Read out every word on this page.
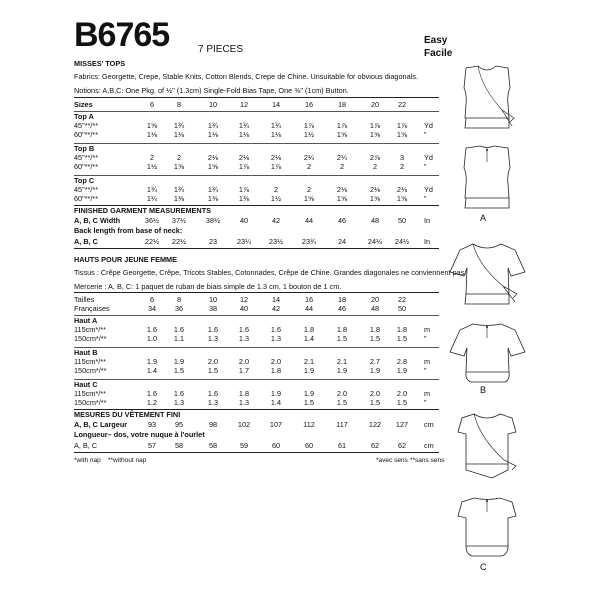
B6765	7 PIECES
Easy
Facile
MISSES' TOPS
Fabrics: Georgette, Crepe, Stable Knits, Cotton Blends, Crepe de Chine. Unsuitable for obvious diagonals.
Notions: A,B,C: One Pkg. of ½" (1.3cm) Single-Fold Bias Tape, One ⅜" (1cm) Button.
Sizes	6	8	10	12	14	16	18	20	22
Top A
45"**/**	1⅝ 1¾	1¾	1¾	1¾	1⅞	1⅞	1⅞ 1⅞ Yd
60"**/**	1⅛ 1⅛	1⅛	1⅛	1⅛	1½	1⅝	1⅝ 1⅝ "
Top B
45"**/**	2	2	2⅛	2⅛	2⅛	2¼	2¼	2⅞	3	Yd
60"**/**	1½ 1⅝	1⅝	1⅞	1⅞	2	2	2	2	"
Top C
45"**/**	1¾ 1¾	1¾	1⅞	2	2	2⅛	2⅛ 2⅛ Yd
60"**/**	1¼ 1⅜	1⅜	1⅜	1½	1⅝	1⅝	1⅝ 1⅝ "
FINISHED GARMENT MEASUREMENTS
A, B, C Width	36½ 37½	38½	40	42	44	46	48	50 In
Back length from base of neck:
A, B, C	22½ 22½	23	23¼ 23½	23¾	24	24¼ 24½ In
HAUTS POUR JEUNE FEMME
Tissus : Crêpe Georgette, Crêpe, Tricots Stables, Cotonnades, Crêpe de Chine. Grandes diagonales ne conviennent pas.
Mercerie : A, B, C: 1 paquet de ruban de biais simple de 1.3 cm, 1 bouton de 1 cm.
Tailles	6	8	10	12	14	16	18	20	22
Françaises	34	36	38	40	42	44	46	48	50
Haut A
115cm*/**	1.6 1.6	1.6	1.6	1.6	1.8	1.8	1.8 1.8 m
150cm*/**	1.0 1.1	1.3	1.3	1.3	1.4	1.5	1.5 1.5 "
Haut B
115cm*/**	1.9 1.9	2.0	2.0	2.0	2.1	2.1	2.7 2.8 m
150cm*/**	1.4 1.5	1.5	1.7	1.8	1.9	1.9	1.9 1.9 "
Haut C
115cm*/**	1.6 1.6	1.6	1.8	1.9	1.9	2.0	2.0 2.0 m
150cm*/**	1.2 1.3	1.3	1.3	1.4	1.5	1.5	1.5 1.5 "
MESURES DU VÊTEMENT FINI
A, B, C Largeur	93	95	98	102	107	112	117	122 127 cm
Longueur– dos, votre nuque à l'ourlet
A, B, C	57	58	58	59	60	60	61	62	62 cm
*with nap **without nap	*avec sens **sans sens
A
B
C
